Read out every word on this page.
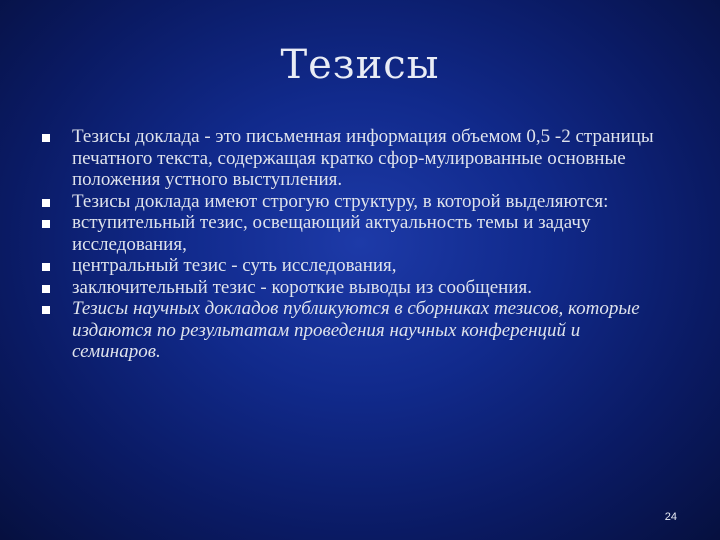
Тезисы
Тезисы доклада - это письменная информация объемом 0,5 -2 страницы печатного текста, содержащая кратко сфор-мулированные основные положения устного выступления.
Тезисы доклада имеют строгую структуру, в которой выделяются:
вступительный тезис, освещающий актуальность темы и задачу исследования,
центральный тезис - суть исследования,
заключительный тезис - короткие выводы из сообщения.
Тезисы научных докладов публикуются в сборниках тезисов, которые издаются по результатам проведения научных конференций и семинаров.
24
